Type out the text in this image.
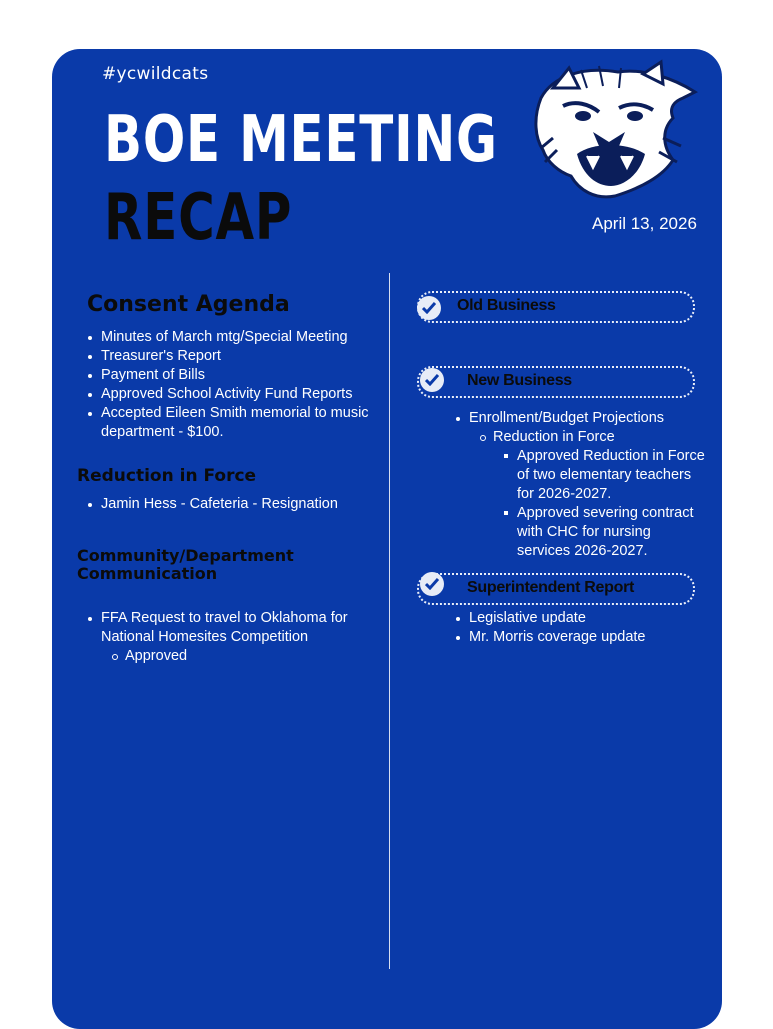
#ycwildcats
BOE MEETING
RECAP	April 13, 2026
Consent Agenda
Minutes of March mtg/Special Meeting
Treasurer's Report
Payment of Bills
Approved School Activity Fund Reports
Accepted Eileen Smith memorial to music department - $100.
Reduction in Force
Jamin Hess - Cafeteria - Resignation
Community/Department
Communication
FFA Request to travel to Oklahoma for National Homesites Competition
Approved
Old Business
New Business
Enrollment/Budget Projections
Reduction in Force
Approved Reduction in Force of two elementary teachers for 2026-2027.
Approved severing contract with CHC for nursing services 2026-2027.
Superintendent Report
Legislative update
Mr. Morris coverage update
